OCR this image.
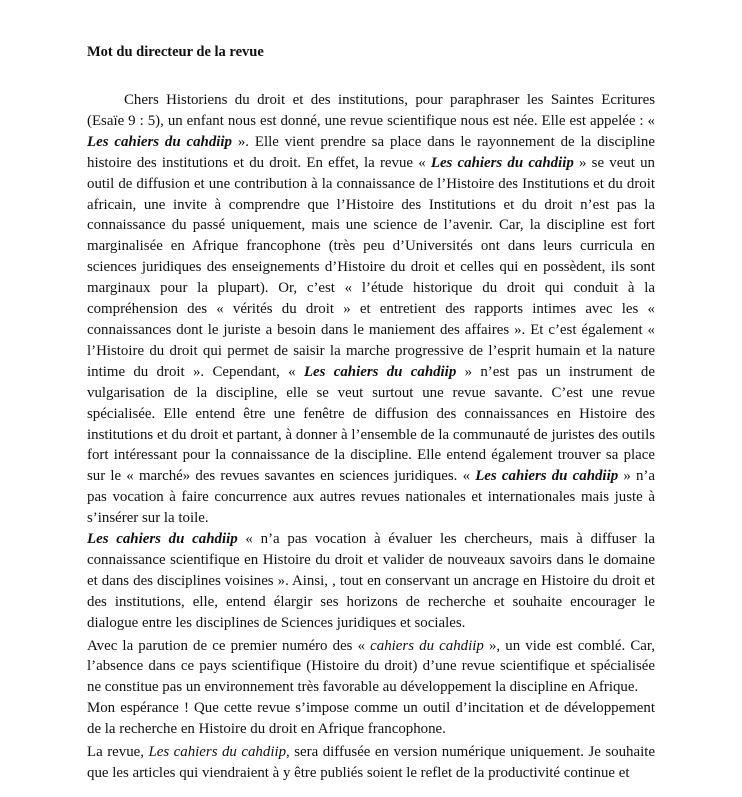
Mot du directeur de la revue

Chers Historiens du droit et des institutions, pour paraphraser les Saintes Ecritures (Esaïe 9 : 5), un enfant nous est donné, une revue scientifique nous est née. Elle est appelée : « Les cahiers du cahdiip ». Elle vient prendre sa place dans le rayonnement de la discipline histoire des institutions et du droit. En effet, la revue « Les cahiers du cahdiip » se veut un outil de diffusion et une contribution à la connaissance de l’Histoire des Institutions et du droit africain, une invite à comprendre que l’Histoire des Institutions et du droit n’est pas la connaissance du passé uniquement, mais une science de l’avenir. Car, la discipline est fort marginalisée en Afrique francophone (très peu d’Universités ont dans leurs curricula en sciences juridiques des enseignements d’Histoire du droit et celles qui en possèdent, ils sont marginaux pour la plupart). Or, c’est « l’étude historique du droit qui conduit à la compréhension des « vérités du droit » et entretient des rapports intimes avec les « connaissances dont le juriste a besoin dans le maniement des affaires ». Et c’est également « l’Histoire du droit qui permet de saisir la marche progressive de l’esprit humain et la nature intime du droit ». Cependant, « Les cahiers du cahdiip » n’est pas un instrument de vulgarisation de la discipline, elle se veut surtout une revue savante. C’est une revue spécialisée. Elle entend être une fenêtre de diffusion des connaissances en Histoire des institutions et du droit et partant, à donner à l’ensemble de la communauté de juristes des outils fort intéressant pour la connaissance de la discipline. Elle entend également trouver sa place sur le « marché» des revues savantes en sciences juridiques. « Les cahiers du cahdiip » n’a pas vocation à faire concurrence aux autres revues nationales et internationales mais juste à s’insérer sur la toile.

Les cahiers du cahdiip « n’a pas vocation à évaluer les chercheurs, mais à diffuser la connaissance scientifique en Histoire du droit et valider de nouveaux savoirs dans le domaine et dans des disciplines voisines ». Ainsi, , tout en conservant un ancrage en Histoire du droit et des institutions, elle, entend élargir ses horizons de recherche et souhaite encourager le dialogue entre les disciplines de Sciences juridiques et sociales.

Avec la parution de ce premier numéro des « cahiers du cahdiip », un vide est comblé. Car, l’absence dans ce pays scientifique (Histoire du droit) d’une revue scientifique et spécialisée ne constitue pas un environnement très favorable au développement la discipline en Afrique.

Mon espérance ! Que cette revue s’impose comme un outil d’incitation et de développement de la recherche en Histoire du droit en Afrique francophone.

La revue, Les cahiers du cahdiip, sera diffusée en version numérique uniquement. Je souhaite que les articles qui viendraient à y être publiés soient le reflet de la productivité continue et
